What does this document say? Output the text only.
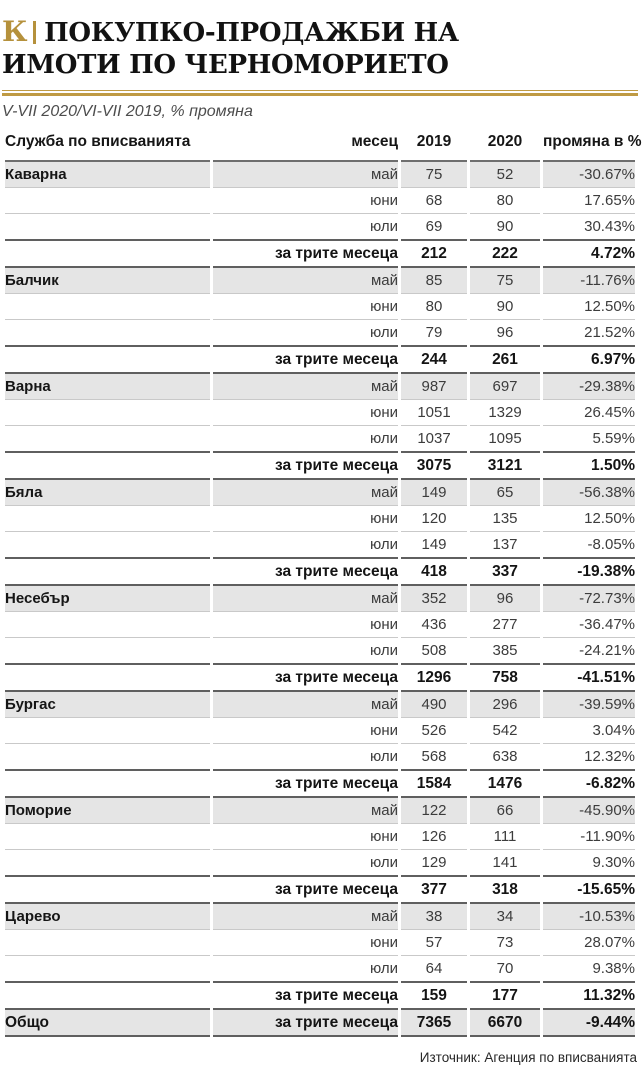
К ПОКУПКО-ПРОДАЖБИ НА
ИМОТИ ПО ЧЕРНОМОРИЕТО

V-VII 2020/VI-VII 2019, % промяна

Служба по вписванията	месец	2019	2020	промяна в %
Каварна	май	75	52	-30.67%
	юни	68	80	17.65%
	юли	69	90	30.43%
	за трите месеца	212	222	4.72%
Балчик	май	85	75	-11.76%
	юни	80	90	12.50%
	юли	79	96	21.52%
	за трите месеца	244	261	6.97%
Варна	май	987	697	-29.38%
	юни	1051	1329	26.45%
	юли	1037	1095	5.59%
	за трите месеца	3075	3121	1.50%
Бяла	май	149	65	-56.38%
	юни	120	135	12.50%
	юли	149	137	-8.05%
	за трите месеца	418	337	-19.38%
Несебър	май	352	96	-72.73%
	юни	436	277	-36.47%
	юли	508	385	-24.21%
	за трите месеца	1296	758	-41.51%
Бургас	май	490	296	-39.59%
	юни	526	542	3.04%
	юли	568	638	12.32%
	за трите месеца	1584	1476	-6.82%
Поморие	май	122	66	-45.90%
	юни	126	111	-11.90%
	юли	129	141	9.30%
	за трите месеца	377	318	-15.65%
Царево	май	38	34	-10.53%
	юни	57	73	28.07%
	юли	64	70	9.38%
	за трите месеца	159	177	11.32%
Общо	за трите месеца	7365	6670	-9.44%

Източник: Агенция по вписванията
